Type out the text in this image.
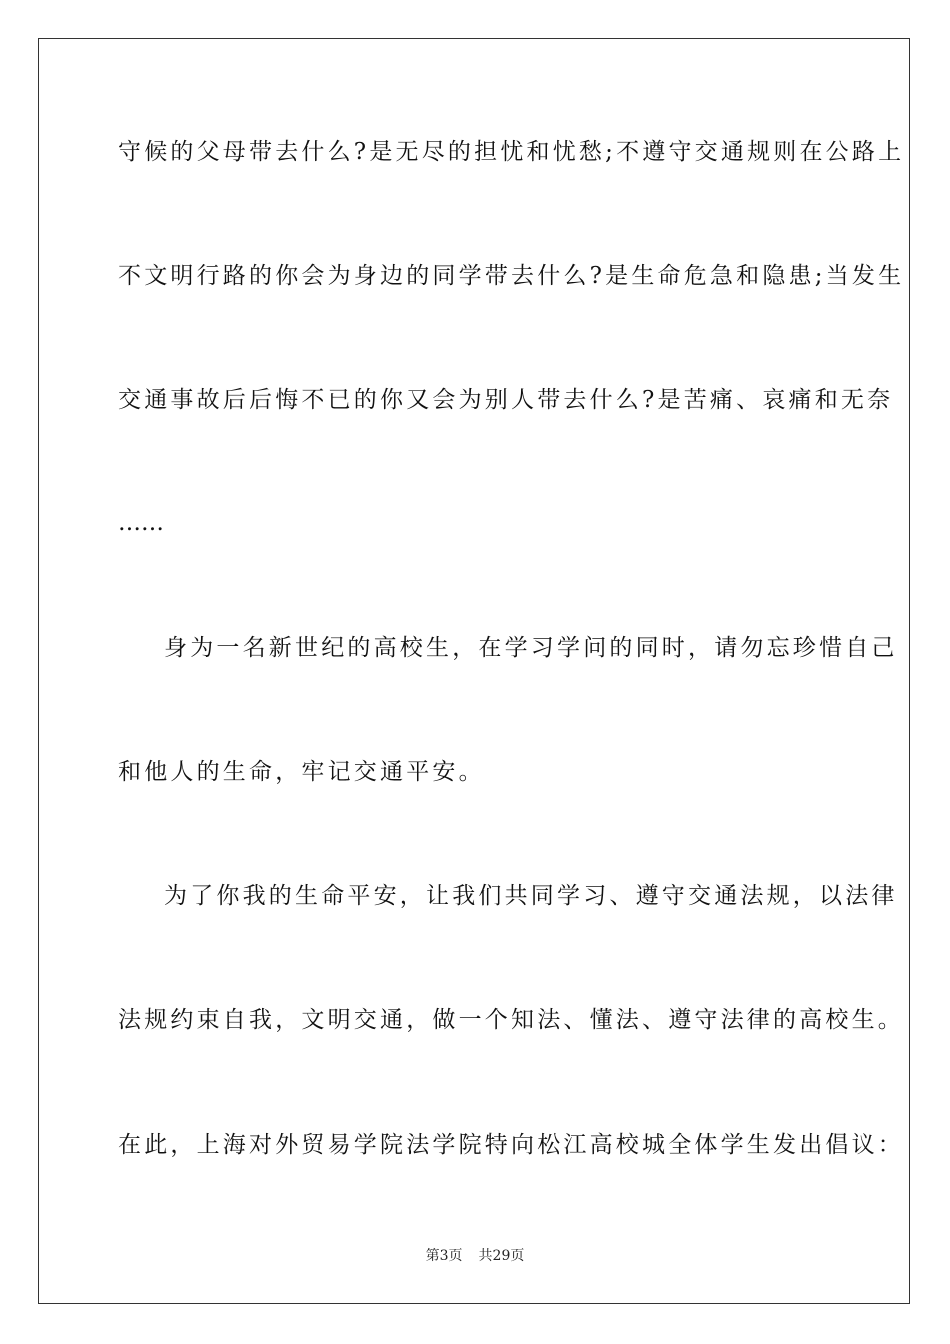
守候的父母带去什么?是无尽的担忧和忧愁;不遵守交通规则在公路上
不文明行路的你会为身边的同学带去什么?是生命危急和隐患;当发生
交通事故后后悔不已的你又会为别人带去什么?是苦痛、哀痛和无奈
……
身为一名新世纪的高校生，在学习学问的同时，请勿忘珍惜自己
和他人的生命，牢记交通平安。
为了你我的生命平安，让我们共同学习、遵守交通法规，以法律
法规约束自我，文明交通，做一个知法、懂法、遵守法律的高校生。
在此，上海对外贸易学院法学院特向松江高校城全体学生发出倡议：
第3页 共29页
